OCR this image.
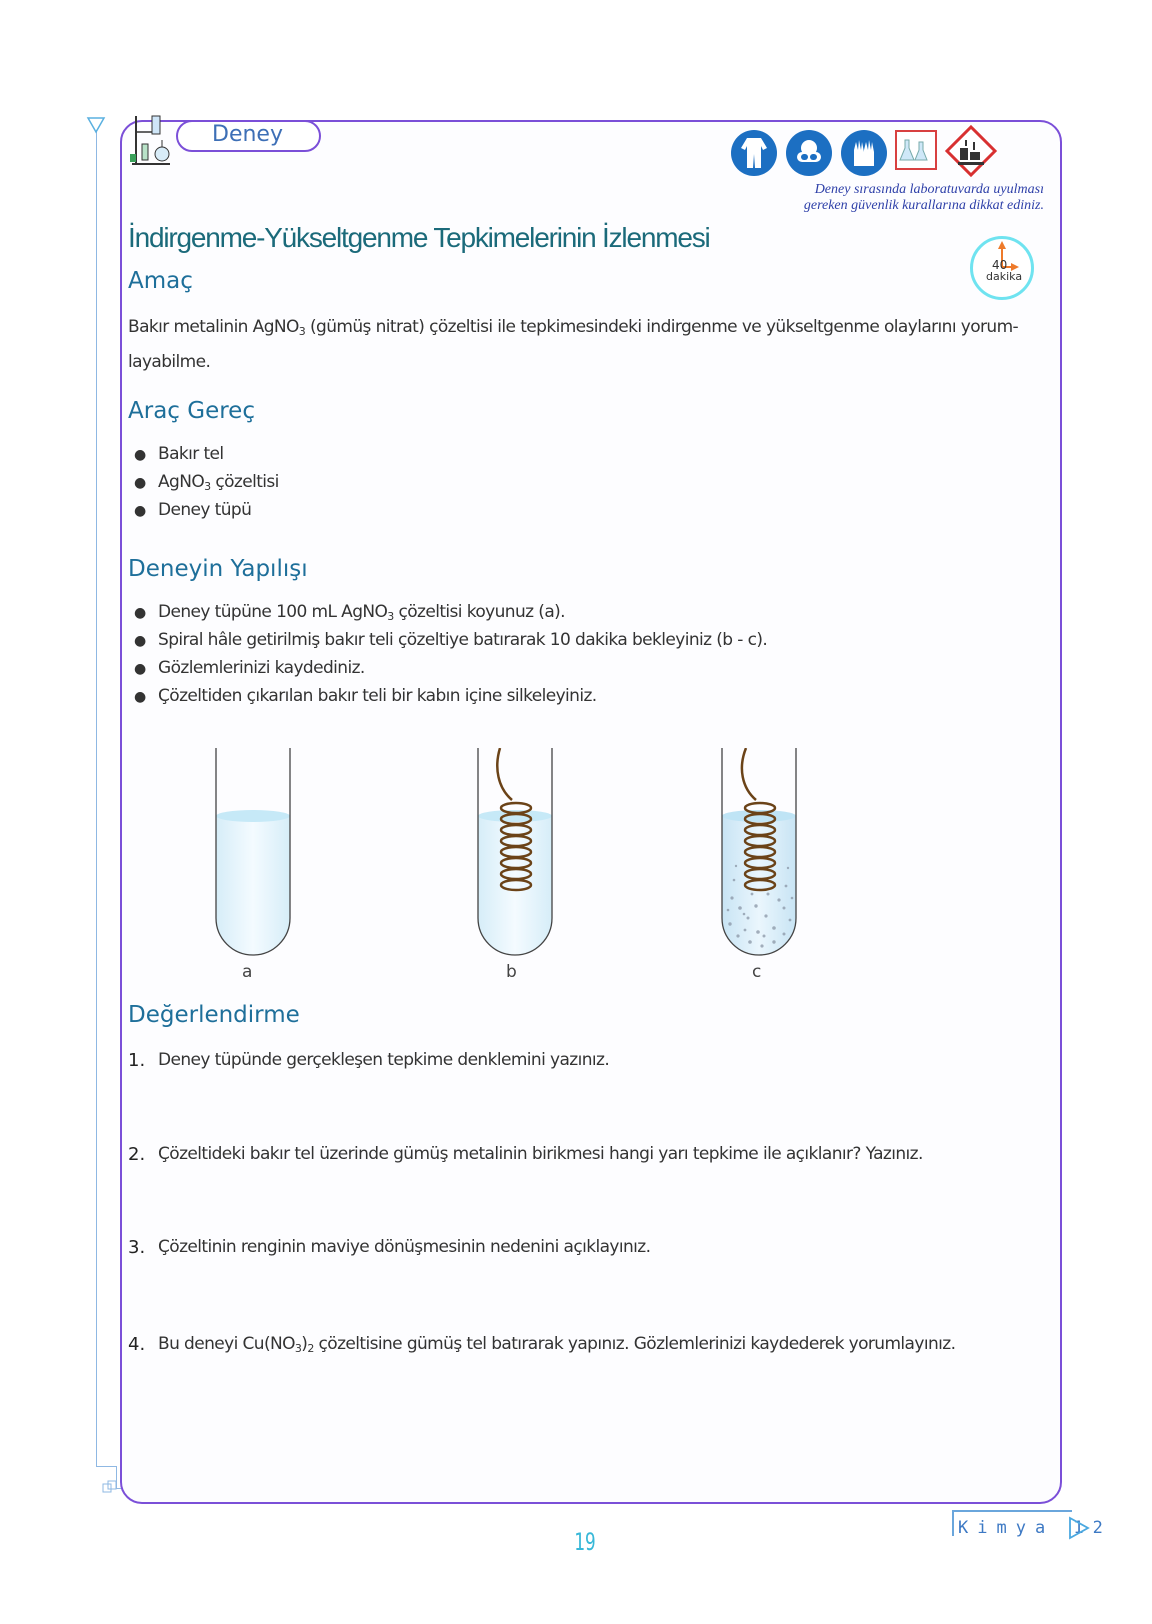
Deney
Deney sırasında laboratuvarda uyulması
gereken güvenlik kurallarına dikkat ediniz.
40
dakika
İndirgenme-Yükseltgenme Tepkimelerinin İzlenmesi
Amaç
Bakır metalinin AgNO$_3$ (gümüş nitrat) çözeltisi ile tepkimesindeki indirgenme ve yükseltgenme olaylarını yorum-
layabilme.
Araç Gereç
● Bakır tel
● AgNO$_3$ çözeltisi
● Deney tüpü
Deneyin Yapılışı
● Deney tüpüne 100 mL AgNO$_3$ çözeltisi koyunuz (a).
● Spiral hâle getirilmiş bakır teli çözeltiye batırarak 10 dakika bekleyiniz (b - c).
● Gözlemlerinizi kaydediniz.
● Çözeltiden çıkarılan bakır teli bir kabın içine silkeleyiniz.
a	b	c
Değerlendirme
1. Deney tüpünde gerçekleşen tepkime denklemini yazınız.
2. Çözeltideki bakır tel üzerinde gümüş metalinin birikmesi hangi yarı tepkime ile açıklanır? Yazınız.
3. Çözeltinin renginin maviye dönüşmesinin nedenini açıklayınız.
4. Bu deneyi $Cu(NO_3)_2$ çözeltisine gümüş tel batırarak yapınız. Gözlemlerinizi kaydederek yorumlayınız.
19	Kimya 12
